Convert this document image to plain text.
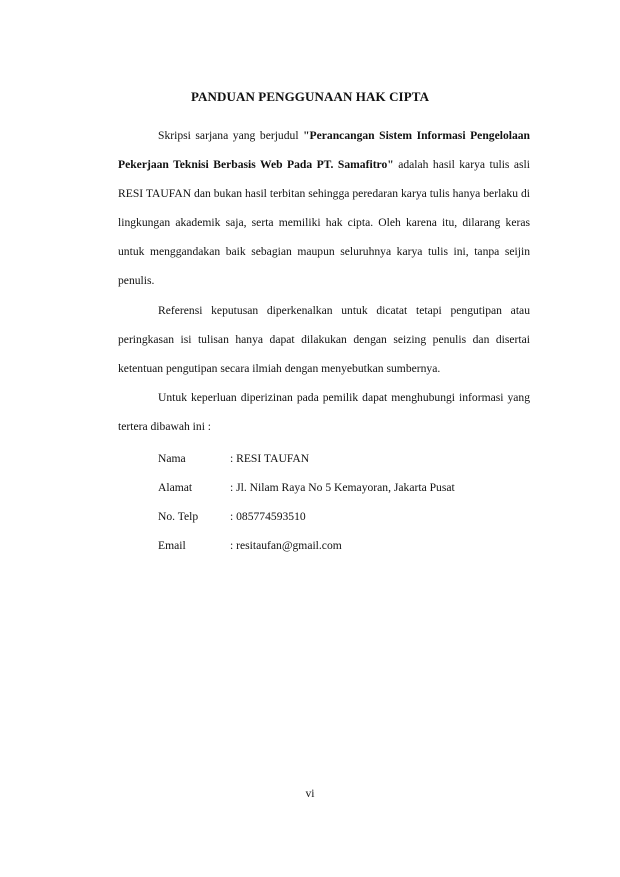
PANDUAN PENGGUNAAN HAK CIPTA

Skripsi sarjana yang berjudul "Perancangan Sistem Informasi Pengelolaan Pekerjaan Teknisi Berbasis Web Pada PT. Samafitro" adalah hasil karya tulis asli RESI TAUFAN dan bukan hasil terbitan sehingga peredaran karya tulis hanya berlaku di lingkungan akademik saja, serta memiliki hak cipta. Oleh karena itu, dilarang keras untuk menggandakan baik sebagian maupun seluruhnya karya tulis ini, tanpa seijin penulis.

Referensi keputusan diperkenalkan untuk dicatat tetapi pengutipan atau peringkasan isi tulisan hanya dapat dilakukan dengan seizing penulis dan disertai ketentuan pengutipan secara ilmiah dengan menyebutkan sumbernya.

Untuk keperluan diperizinan pada pemilik dapat menghubungi informasi yang tertera dibawah ini :

Nama	: RESI TAUFAN
Alamat	: Jl. Nilam Raya No 5 Kemayoran, Jakarta Pusat
No. Telp	: 085774593510
Email	: resitaufan@gmail.com
vi
